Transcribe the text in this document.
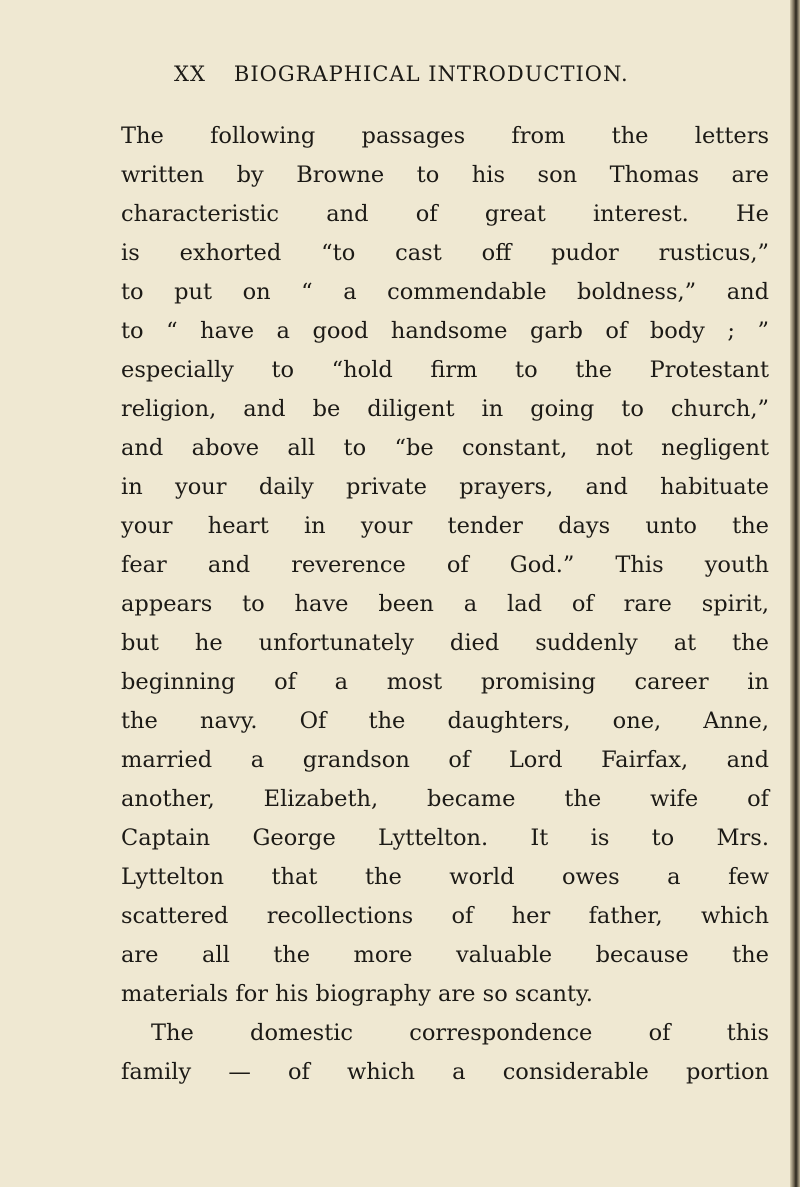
XX BIOGRAPHICAL INTRODUCTION.
The following passages from the letters
written by Browne to his son Thomas are
characteristic and of great interest. He
is exhorted “to cast off pudor rusticus,”
to put on “ a commendable boldness,” and
to “ have a good handsome garb of body ; ”
especially to “hold firm to the Protestant
religion, and be diligent in going to church,”
and above all to “be constant, not negligent
in your daily private prayers, and habituate
your heart in your tender days unto the
fear and reverence of God.” This youth
appears to have been a lad of rare spirit,
but he unfortunately died suddenly at the
beginning of a most promising career in
the navy. Of the daughters, one, Anne,
married a grandson of Lord Fairfax, and
another, Elizabeth, became the wife of
Captain George Lyttelton. It is to Mrs.
Lyttelton that the world owes a few
scattered recollections of her father, which
are all the more valuable because the
materials for his biography are so scanty.
The domestic correspondence of this
family — of which a considerable portion
